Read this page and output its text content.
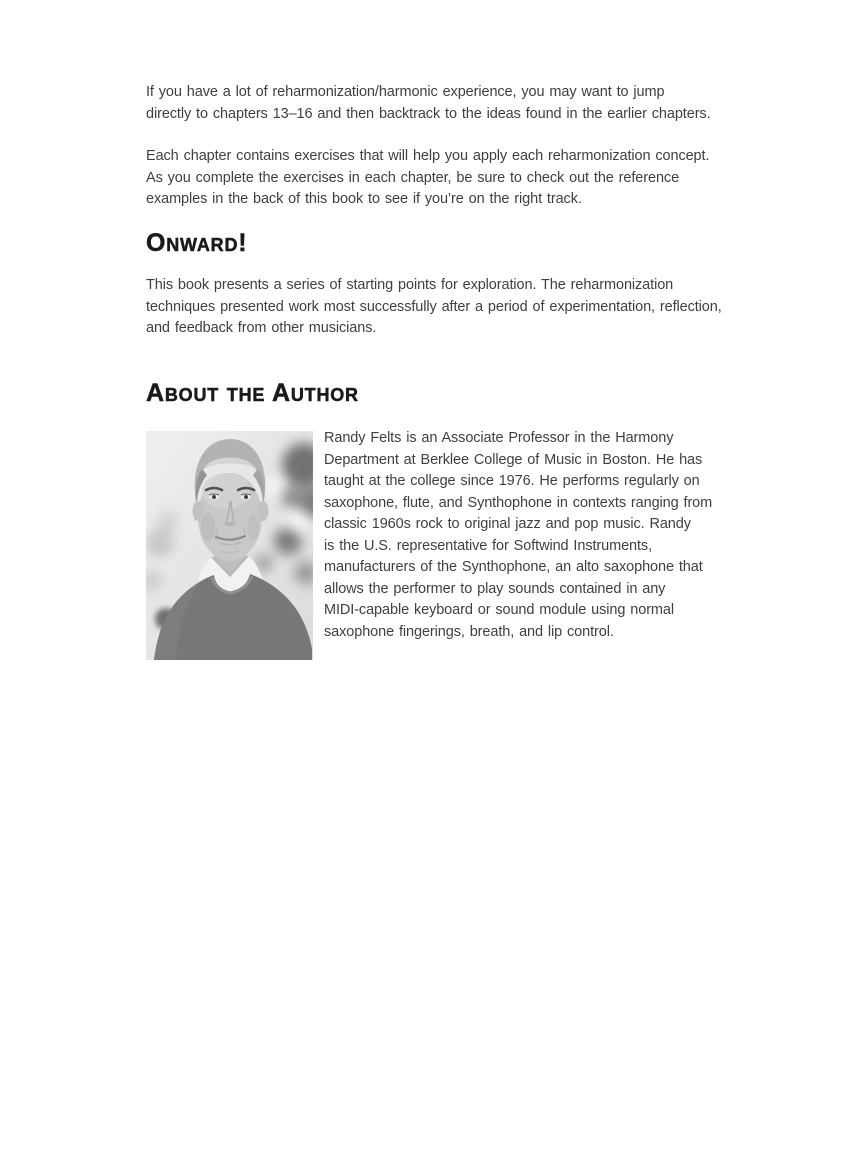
If you have a lot of reharmonization/harmonic experience, you may want to jump
directly to chapters 13–16 and then backtrack to the ideas found in the earlier chapters.
Each chapter contains exercises that will help you apply each reharmonization concept.
As you complete the exercises in each chapter, be sure to check out the reference
examples in the back of this book to see if you’re on the right track.
Onward!
This book presents a series of starting points for exploration. The reharmonization
techniques presented work most successfully after a period of experimentation, reflection,
and feedback from other musicians.
About the Author
Randy Felts is an Associate Professor in the Harmony
Department at Berklee College of Music in Boston. He has
taught at the college since 1976. He performs regularly on
saxophone, flute, and Synthophone in contexts ranging from
classic 1960s rock to original jazz and pop music. Randy
is the U.S. representative for Softwind Instruments,
manufacturers of the Synthophone, an alto saxophone that
allows the performer to play sounds contained in any
MIDI-capable keyboard or sound module using normal
saxophone fingerings, breath, and lip control.
